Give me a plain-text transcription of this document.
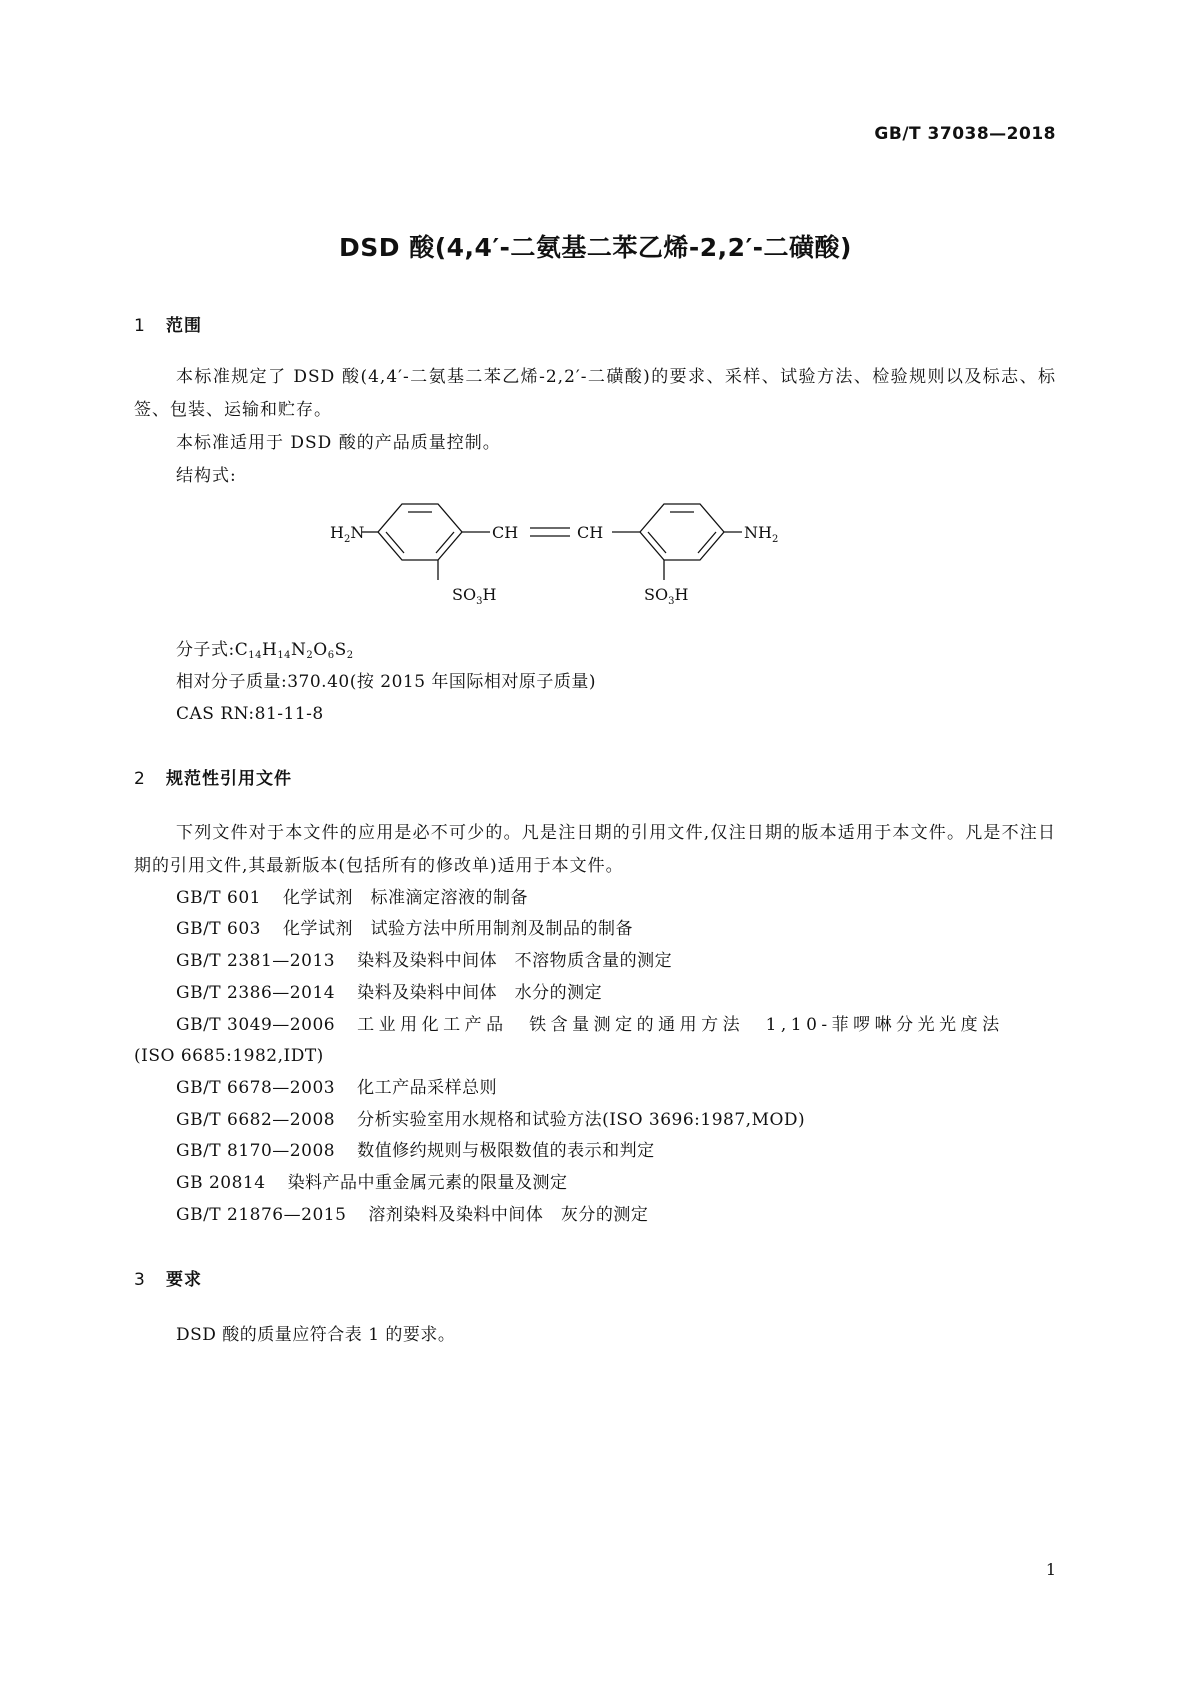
GB/T 37038—2018
DSD 酸(4,4′-二氨基二苯乙烯-2,2′-二磺酸)
1 范围

本标准规定了 DSD 酸(4,4′-二氨基二苯乙烯-2,2′-二磺酸)的要求、采样、试验方法、检验规则以及标志、标签、包装、运输和贮存。

本标准适用于 DSD 酸的产品质量控制。

结构式:

$H_2N$	CH	CH	$NH_2$
$SO_3H$	$SO_3H$
分子式$:C_{14}H_{14}N_2O_6S_2$
相对分子质量:370.40(按 2015 年国际相对原子质量)
CAS RN:81-11-8
2 规范性引用文件

下列文件对于本文件的应用是必不可少的。凡是注日期的引用文件,仅注日期的版本适用于本文件。凡是不注日期的引用文件,其最新版本(包括所有的修改单)适用于本文件。

GB/T 601 化学试剂　标准滴定溶液的制备
GB/T 603 化学试剂　试验方法中所用制剂及制品的制备
GB/T 2381—2013 染料及染料中间体　不溶物质含量的测定
GB/T 2386—2014 染料及染料中间体　水分的测定
GB/T 3049—2006 工业用化工产品　铁含量测定的通用方法　1,10-菲啰啉分光光度法
(ISO 6685:1982,IDT)
GB/T 6678—2003 化工产品采样总则
GB/T 6682—2008 分析实验室用水规格和试验方法(ISO 3696:1987,MOD)
GB/T 8170—2008 数值修约规则与极限数值的表示和判定
GB 20814 染料产品中重金属元素的限量及测定
GB/T 21876—2015 溶剂染料及染料中间体　灰分的测定
3 要求
DSD 酸的质量应符合表 1 的要求。
1
